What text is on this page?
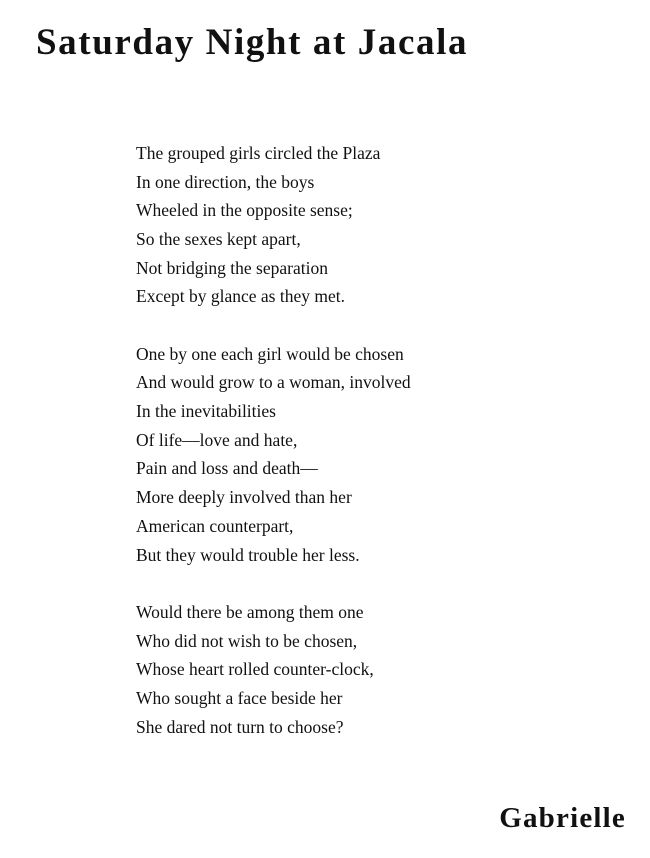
Saturday Night at Jacala
The grouped girls circled the Plaza
In one direction, the boys
Wheeled in the opposite sense;
So the sexes kept apart,
Not bridging the separation
Except by glance as they met.
One by one each girl would be chosen
And would grow to a woman, involved
In the inevitabilities
Of life—love and hate,
Pain and loss and death—
More deeply involved than her
American counterpart,
But they would trouble her less.
Would there be among them one
Who did not wish to be chosen,
Whose heart rolled counter-clock,
Who sought a face beside her
She dared not turn to choose?
Gabrielle
